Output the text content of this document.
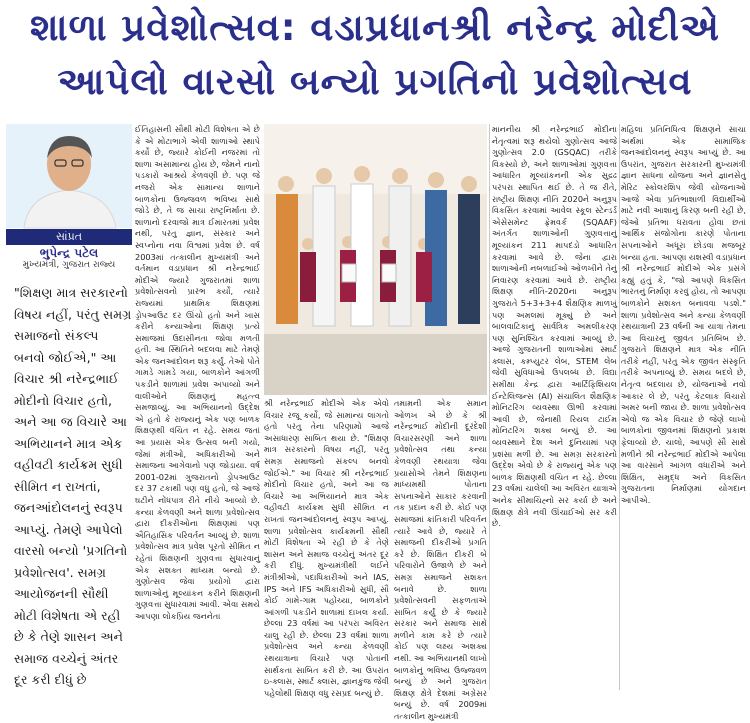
શાળા પ્રવેશોત્સવ: વડાપ્રધાનશ્રી નરેન્દ્ર મોદીએ
આપેલો વારસો બન્યો પ્રગતિનો પ્રવેશોત્સવ
સાંપ્રત
ભુપેન્દ્ર પટેલ
મુખ્યમંત્રી, ગુજરાત રાજ્ય
"શિક્ષણ માત્ર સરકારનો વિષય નહીં, પરંતુ સમગ્ર સમાજનો સંકલ્પ બનવો જોઈએ," આ વિચાર શ્રી નરેન્દ્રભાઈ મોદીનો વિચાર હતો, અને આ જ વિચારે આ અભિયાનને માત્ર એક વહીવટી કાર્યક્રમ સુધી સીમિત ન રાખતાં, જનઆંદોલનનું સ્વરૂપ આપ્યું. તેમણે આપેલો વારસો બન્યો 'પ્રગતિનો પ્રવેશોત્સવ'. સમગ્ર આયોજનની સૌથી મોટી વિશેષતા એ રહી છે કે તેણે શાસન અને સમાજ વચ્ચેનું અંતર દૂર કરી દીધું છે

ઈતિહાસની સૌથી મોટી વિશેષતા એ છે કે એ મોટાભાગે એવી શાળાઓ સ્થાપે કર્યો છે, જ્યારે કોઈની નજરમાં તો શાળા અસામાન્ય હોય છે, જેમને નાનો પડકારો આશ્રયે કેળવણી છે. પણ જે નજરો એક સામાન્ય શાળાને બાળકોના ઉજ્જવળ ભવિષ્ય સાથે જોડે છે, તે જ સાચા રાષ્ટ્રનિર્માતા છે. શાળાનો દરવાજો માત્ર ઈમારતમાં પ્રવેશ નથી, પરંતુ જ્ઞાન, સંસ્કાર અને સ્વપ્નોના નવા વિશ્વમાં પ્રવેશ છે. વર્ષ 2003માં તત્કાલીન મુખ્યમંત્રી અને વર્તમાન વડાપ્રધાન શ્રી નરેન્દ્રભાઈ મોદીએ જ્યારે ગુજરાતમાં શાળા પ્રવેશોત્સવનો પ્રારંભ કર્યો, ત્યારે રાજ્યમાં પ્રાથમિક શિક્ષણમાં ડ્રોપઆઉટ દર ઊંચો હતો અને ખાસ કરીને કન્યાઓના શિક્ષણ પ્રત્યે સમાજમાં ઉદાસીનતા જોવા મળતી હતી. આ સ્થિતિને બદલવા માટે તેમણે એક જનઆંદોલન શરૂ કર્યું. તેઓ પોતે ગામડે ગામડે ગયા, બાળકોને આંગળી પકડીને શાળામાં પ્રવેશ અપાવ્યો અને વાલીઓને શિક્ષણનું મહત્ત્વ સમજાવ્યું. આ અભિયાનનો ઉદ્દેશ એ હતો કે રાજ્યનું એક પણ બાળક શિક્ષણથી વંચિત ન રહે. સમય જતાં આ પ્રયાસ એક ઉત્સવ બની ગયો, જેમાં મંત્રીઓ, અધિકારીઓ અને સમાજના આગેવાનો પણ જોડાયા. વર્ષ 2001-02માં ગુજરાતનો ડ્રોપઆઉટ દર 37 ટકાથી પણ વધુ હતો, જે આજે ઘટીને નોંધપાત્ર રીતે નીચે આવ્યો છે. કન્યા કેળવણી અને શાળા પ્રવેશોત્સવ દ્વારા દીકરીઓના શિક્ષણમાં પણ ઐતિહાસિક પરિવર્તન આવ્યું છે. શાળા પ્રવેશોત્સવ માત્ર પ્રવેશ પૂરતો સીમિત ન રહેતાં શિક્ષણની ગુણવત્તા સુધારવાનું એક સશક્ત માધ્યમ બન્યો છે. ગુણોત્સવ જેવા પ્રયોગો દ્વારા શાળાઓનું મૂલ્યાંકન કરીને શિક્ષણની ગુણવત્તા સુધારવામાં આવી. એવા સમયે આપણા લોકપ્રિય જનનેતા

શ્રી નરેન્દ્રભાઈ મોદીએ એક એવો વિચાર રજૂ કર્યો, જે સામાન્ય લાગતો હતો પરંતુ તેના પરિણામો આજે અસાધારણ સાબિત થયા છે. "શિક્ષણ માત્ર સરકારનો વિષય નહીં, પરંતુ સમગ્ર સમાજનો સંકલ્પ બનવો જોઈએ." આ વિચાર શ્રી નરેન્દ્રભાઈ મોદીનો વિચાર હતો, અને આ જ વિચારે આ અભિયાનને માત્ર એક વહીવટી કાર્યક્રમ સુધી સીમિત ન રાખતાં જનઆંદોલનનું સ્વરૂપ આપ્યું. શાળા પ્રવેશોત્સવ કાર્યક્રમની સૌથી મોટી વિશેષતા એ રહી છે કે તેણે શાસન અને સમાજ વચ્ચેનું અંતર દૂર કરી દીધું. મુખ્યમંત્રીથી લઈને મંત્રીશ્રીઓ, પદાધિકારીઓ અને IAS, IPS અને IFS અધિકારીઓ સુધી, સૌ કોઈ ગામે-ગામ પહોંચ્યા, બાળકોને આંગળી પકડીને શાળામાં દાખલ કર્યા. છેલ્લા 23 વર્ષમાં આ પરંપરા અવિરત ચાલુ રહી છે. છેલ્લા 23 વર્ષમાં શાળા પ્રવેશોત્સવ અને કન્યા કેળવણી રથયાત્રાના વિચારે પણ પોતાની સાર્થકતા સાબિત કરી છે. આ ઉપરાંત ઇ-ક્લાસ, સ્માર્ટ ક્લાસ, જ્ઞાનકુંજ જેવી પહેલોથી શિક્ષણ વધુ રસપ્રદ બન્યું છે.

તમામની એક સમાન ઓળખ એ છે કે શ્રી નરેન્દ્રભાઈ મોદીની દૂરંદેશી વિચારસરણી અને શાળા પ્રવેશોત્સવ તથા કન્યા કેળવણી રથયાત્રા જેવા પ્રયાસોએ તેમને શિક્ષણના માધ્યમથી પોતાના સપનાઓને સાકાર કરવાની તક પ્રદાન કરી છે. કોઈ પણ સમાજમાં ક્રાંતિકારી પરિવર્તન ત્યારે આવે છે, જ્યારે તે સમાજની દીકરીઓ પ્રગતિ કરે છે. શિક્ષિત દીકરી બે પરિવારોને ઉજાળે છે અને સમગ્ર સમાજને સશક્ત બનાવે છે. શાળા પ્રવેશોત્સવની સફળતાએ સાબિત કર્યું છે કે જ્યારે સરકાર અને સમાજ સાથે મળીને કામ કરે છે ત્યારે કોઈ પણ લક્ષ્ય અશક્ય નથી. આ અભિયાનથી લાખો બાળકોનું ભવિષ્ય ઉજ્જવળ બન્યું છે અને ગુજરાત શિક્ષણ ક્ષેત્રે દેશમાં અગ્રેસર બન્યું છે. વર્ષ 2009માં તત્કાલીન મુખ્યમંત્રી

માનનીય શ્રી નરેન્દ્રભાઈ મોદીના નેતૃત્વમાં શરૂ થયેલો ગુણોત્સવ આજે ગુણોત્સવ 2.0 (GSQAC) તરીકે વિકસ્યો છે, અને શાળાઓમાં ગુણવત્તા આધારિત મૂલ્યાંકનની એક સુદ્રઢ પરંપરા સ્થાપિત થઈ છે. તે જ રીતે, રાષ્ટ્રીય શિક્ષણ નીતિ 2020ને અનુરૂપ વિકસિત કરવામાં આવેલ સ્કૂલ સ્ટેન્ડર્ડ એસેસમેન્ટ ફ્રેમવર્ક (SQAAF) અંતર્ગત શાળાઓની ગુણવત્તાનું મૂલ્યાંકન 211 માપદંડો આધારિત કરવામાં આવે છે. જેના દ્વારા શાળાઓની નબળાઈઓ ઓળખીને તેનું નિવારણ કરવામાં આવે છે. રાષ્ટ્રીય શિક્ષણ નીતિ-2020ના અનુરૂપ ગુજરાતે 5+3+3+4 શૈક્ષણિક માળખું પણ અમલમાં મૂક્યું છે અને બાલવાટિકાનું સાર્વત્રિક અમલીકરણ પણ સુનિશ્ચિત કરવામાં આવ્યું છે. આજે ગુજરાતની શાળાઓમાં સ્માર્ટ ક્લાસ, કમ્પ્યુટર લેબ, STEM લેબ જેવી સુવિધાઓ ઉપલબ્ધ છે. વિદ્યા સમીક્ષા કેન્દ્ર દ્વારા આર્ટિફિશિયલ ઈન્ટેલિજન્સ (AI) સંચાલિત શૈક્ષણિક મોનિટરિંગ વ્યવસ્થા ઊભી કરવામાં આવી છે, જેનાથી રિયલ ટાઈમ મોનિટરિંગ શક્ય બન્યું છે. આ વ્યવસ્થાને દેશ અને દુનિયામાં પણ પ્રશંસા મળી છે. આ સમગ્ર સરકારનો ઉદ્દેશ એવો છે કે રાજ્યનું એક પણ બાળક શિક્ષણથી વંચિત ન રહે. છેલ્લા 23 વર્ષમાં ચાલેલી આ અવિરત યાત્રાએ અનેક સીમાચિહ્નો સર કર્યા છે અને શિક્ષણ ક્ષેત્રે નવી ઊંચાઈઓ સર કરી છે.

મહિલા પ્રતિનિધિત્વ શિક્ષણને સાચા અર્થમાં એક સામાજિક જનઆંદોલનનું સ્વરૂપ આપ્યું છે. આ ઉપરાંત, ગુજરાત સરકારની મુખ્યમંત્રી જ્ઞાન સાધના યોજના અને જ્ઞાનસેતુ મેરિટ સ્કોલરશિપ જેવી યોજનાઓ આજે એવા પ્રતિભાશાળી વિદ્યાર્થીઓ માટે નવી આશાનું કિરણ બની રહી છે, જેઓ પ્રતિભા ધરાવતા હોવા છતાં આર્થિક સંજોગોના કારણે પોતાના સપનાઓને અધૂરા છોડવા મજબૂર બન્યા હતા. આપણા યશસ્વી વડાપ્રધાન શ્રી નરેન્દ્રભાઈ મોદીએ એક પ્રસંગે કહ્યું હતું કે, "જો આપણે વિકસિત ભારતનું નિર્માણ કરવું હોય, તો આપણા બાળકોને સશક્ત બનાવવા પડશે." શાળા પ્રવેશોત્સવ અને કન્યા કેળવણી રથયાત્રાની 23 વર્ષની આ યાત્રા તેમના આ વિચારનું જીવંત પ્રતિબિંબ છે. ગુજરાતે શિક્ષણને માત્ર એક નીતિ તરીકે નહીં, પરંતુ એક જીવંત સંસ્કૃતિ તરીકે અપનાવ્યું છે. સમય બદલે છે, નેતૃત્વ બદલાય છે, યોજનાઓ નવો આકાર લે છે, પરંતુ કેટલાક વિચારો અમર બની જાય છે. શાળા પ્રવેશોત્સવ એવો જ એક વિચાર છે જેણે લાખો બાળકોના જીવનમાં શિક્ષણનો પ્રકાશ ફેલાવ્યો છે. ચાલો, આપણે સૌ સાથે મળીને શ્રી નરેન્દ્રભાઈ મોદીએ આપેલા આ વારસાને આગળ વધારીએ અને શિક્ષિત, સમૃદ્ધ અને વિકસિત ગુજરાતના નિર્માણમાં યોગદાન આપીએ.
